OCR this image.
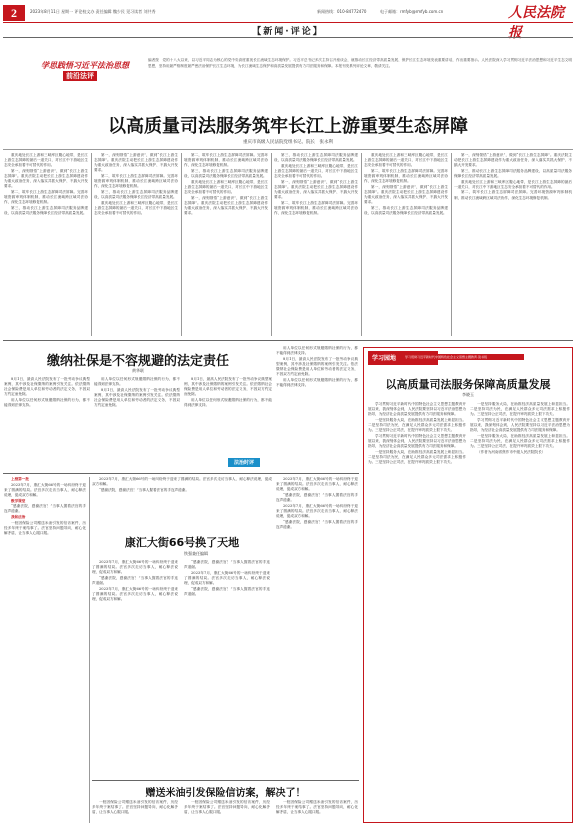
2	2023年8月11日 星期一 评论校文办 责任编辑 魏少民 见习读者 刘共秀	新闻热线：010-84772470	电子邮箱：rmfyb@rmfyb.com.cn	人民法院报
【新闻·评论】
学思践悟习近平法治思想
前沿法评
编者按　党的十八大以来，以习近平同志为核心的党中央高度重视长江流域生态环境保护。习近平总书记多次主持召开座谈会，就推动长江经济带高质量发展、保护长江生态环境发表重要讲话，作出重要指示。人民法院深入学习贯彻习近平法治思想和习近平生态文明思想，坚持用最严格制度最严密法治保护长江生态环境，为长江流域生态保护和高质量发展提供有力司法服务和保障。本报刊发系列评论文章，敬请关注。
以高质量司法服务筑牢长江上游重要生态屏障
重庆市高级人民法院党组书记、院长　张永利

重庆地处长江上游和三峡库区腹心地带，是长江上游生态屏障的最后一道关口，对长江中下游地区生态安全承担着不可替代的作用。

第一，深刻领悟“上游意识”，做到“长江上游生态屏障”。重庆法院主动把长江上游生态屏障建设作为重大政治任务，深入落实共抓大保护、不搞大开发要求。

第二，筑牢长江上游生态屏障司法屏障。完善环境资源审判体制机制，推动长江流域跨区域司法协作，深化生态环境修复机制。

第三，推动长江上游生态屏障司法服务品牌建设，以高质量司法服务保障长江经济带高质量发展。

第一，深刻领悟“上游意识”，做到“长江上游生态屏障”。重庆法院主动把长江上游生态屏障建设作为重大政治任务，深入落实共抓大保护、不搞大开发要求。

第二，筑牢长江上游生态屏障司法屏障。完善环境资源审判体制机制，推动长江流域跨区域司法协作，深化生态环境修复机制。

第三，推动长江上游生态屏障司法服务品牌建设，以高质量司法服务保障长江经济带高质量发展。

重庆地处长江上游和三峡库区腹心地带，是长江上游生态屏障的最后一道关口，对长江中下游地区生态安全承担着不可替代的作用。

第二，筑牢长江上游生态屏障司法屏障。完善环境资源审判体制机制，推动长江流域跨区域司法协作，深化生态环境修复机制。

第三，推动长江上游生态屏障司法服务品牌建设，以高质量司法服务保障长江经济带高质量发展。

重庆地处长江上游和三峡库区腹心地带，是长江上游生态屏障的最后一道关口，对长江中下游地区生态安全承担着不可替代的作用。

第一，深刻领悟“上游意识”，做到“长江上游生态屏障”。重庆法院主动把长江上游生态屏障建设作为重大政治任务，深入落实共抓大保护、不搞大开发要求。

第三，推动长江上游生态屏障司法服务品牌建设，以高质量司法服务保障长江经济带高质量发展。

重庆地处长江上游和三峡库区腹心地带，是长江上游生态屏障的最后一道关口，对长江中下游地区生态安全承担着不可替代的作用。

第一，深刻领悟“上游意识”，做到“长江上游生态屏障”。重庆法院主动把长江上游生态屏障建设作为重大政治任务，深入落实共抓大保护、不搞大开发要求。

第二，筑牢长江上游生态屏障司法屏障。完善环境资源审判体制机制，推动长江流域跨区域司法协作，深化生态环境修复机制。

重庆地处长江上游和三峡库区腹心地带，是长江上游生态屏障的最后一道关口，对长江中下游地区生态安全承担着不可替代的作用。

第二，筑牢长江上游生态屏障司法屏障。完善环境资源审判体制机制，推动长江流域跨区域司法协作，深化生态环境修复机制。

第一，深刻领悟“上游意识”，做到“长江上游生态屏障”。重庆法院主动把长江上游生态屏障建设作为重大政治任务，深入落实共抓大保护、不搞大开发要求。

第三，推动长江上游生态屏障司法服务品牌建设，以高质量司法服务保障长江经济带高质量发展。

第一，深刻领悟“上游意识”，做到“长江上游生态屏障”。重庆法院主动把长江上游生态屏障建设作为重大政治任务，深入落实共抓大保护、不搞大开发要求。

第三，推动长江上游生态屏障司法服务品牌建设，以高质量司法服务保障长江经济带高质量发展。

重庆地处长江上游和三峡库区腹心地带，是长江上游生态屏障的最后一道关口，对长江中下游地区生态安全承担着不可替代的作用。

第二，筑牢长江上游生态屏障司法屏障。完善环境资源审判体制机制，推动长江流域跨区域司法协作，深化生态环境修复机制。

缴纳社保是不容规避的法定责任
黄华联

8月1日，最高人民法院发布了一批劳动争议典型案例，其中涉及社保缴纳的案例引发关注。依法缴纳社会保险费是用人单位和劳动者的法定义务，不因双方约定而免除。

用人单位以任何形式规避缴纳社保的行为，都不能得到法律支持。

用人单位以任何形式规避缴纳社保的行为，都不能得到法律支持。

8月1日，最高人民法院发布了一批劳动争议典型案例，其中涉及社保缴纳的案例引发关注。依法缴纳社会保险费是用人单位和劳动者的法定义务，不因双方约定而免除。

8月1日，最高人民法院发布了一批劳动争议典型案例，其中涉及社保缴纳的案例引发关注。依法缴纳社会保险费是用人单位和劳动者的法定义务，不因双方约定而免除。

用人单位以任何形式规避缴纳社保的行为，都不能得到法律支持。

用人单位以任何形式规避缴纳社保的行为，都不能得到法律支持。

8月1日，最高人民法院发布了一批劳动争议典型案例，其中涉及社保缴纳的案例引发关注。依法缴纳社会保险费是用人单位和劳动者的法定义务，不因双方约定而免除。

用人单位以任何形式规避缴纳社保的行为，都不能得到法律支持。

法治时评
学习园地	学习贯彻习近平新时代中国特色社会主义思想主题教育·读书班
以高质量司法服务保障高质量发展
李晓玉

学习贯彻习近平新时代中国特色社会主义思想主题教育开展以来，我深刻体会到，人民法院要坚持以习近平法治思想为指导，为经济社会高质量发展提供有力司法服务和保障。

一是坚持服务大局，在助推经济高质量发展上彰显担当。二是坚持司法为民，在满足人民群众多元司法需求上积极作为。三是坚持公正司法，在提升审判质效上狠下功夫。

学习贯彻习近平新时代中国特色社会主义思想主题教育开展以来，我深刻体会到，人民法院要坚持以习近平法治思想为指导，为经济社会高质量发展提供有力司法服务和保障。

一是坚持服务大局，在助推经济高质量发展上彰显担当。二是坚持司法为民，在满足人民群众多元司法需求上积极作为。三是坚持公正司法，在提升审判质效上狠下功夫。

一是坚持服务大局，在助推经济高质量发展上彰显担当。二是坚持司法为民，在满足人民群众多元司法需求上积极作为。三是坚持公正司法，在提升审判质效上狠下功夫。

学习贯彻习近平新时代中国特色社会主义思想主题教育开展以来，我深刻体会到，人民法院要坚持以习近平法治思想为指导，为经济社会高质量发展提供有力司法服务和保障。

一是坚持服务大局，在助推经济高质量发展上彰显担当。二是坚持司法为民，在满足人民群众多元司法需求上积极作为。三是坚持公正司法，在提升审判质效上狠下功夫。

（作者为河南省焦作市中级人民法院院长）

上榜第一批

2023年7月，康汇大街66号的一场纠纷终于迎来了圆满的结局。法官多次走访当事人，耐心释法说理，促成双方和解。

数学课堂

“感谢法院，感谢法官！”当事人握着法官的手连声道谢。

我和法治

一桩因保险公司赠送米油引发的信访案件，历经多年终于案结事了。法官坚持问题导向，耐心化解矛盾，让当事人心服口服。

康汇大街66号换了天地
铁强兼任编辑

2023年7月，康汇大街66号的一场纠纷终于迎来了圆满的结局。法官多次走访当事人，耐心释法说理，促成双方和解。

“感谢法院，感谢法官！”当事人握着法官的手连声道谢。

2023年7月，康汇大街66号的一场纠纷终于迎来了圆满的结局。法官多次走访当事人，耐心释法说理，促成双方和解。

“感谢法院，感谢法官！”当事人握着法官的手连声道谢。

2023年7月，康汇大街66号的一场纠纷终于迎来了圆满的结局。法官多次走访当事人，耐心释法说理，促成双方和解。

“感谢法院，感谢法官！”当事人握着法官的手连声道谢。

2023年7月，康汇大街66号的一场纠纷终于迎来了圆满的结局。法官多次走访当事人，耐心释法说理，促成双方和解。

“感谢法院，感谢法官！”当事人握着法官的手连声道谢。

2023年7月，康汇大街66号的一场纠纷终于迎来了圆满的结局。法官多次走访当事人，耐心释法说理，促成双方和解。

“感谢法院，感谢法官！”当事人握着法官的手连声道谢。

2023年7月，康汇大街66号的一场纠纷终于迎来了圆满的结局。法官多次走访当事人，耐心释法说理，促成双方和解。

“感谢法院，感谢法官！”当事人握着法官的手连声道谢。

赠送米油引发保险信访案，解决了！

一桩因保险公司赠送米油引发的信访案件，历经多年终于案结事了。法官坚持问题导向，耐心化解矛盾，让当事人心服口服。

一桩因保险公司赠送米油引发的信访案件，历经多年终于案结事了。法官坚持问题导向，耐心化解矛盾，让当事人心服口服。

一桩因保险公司赠送米油引发的信访案件，历经多年终于案结事了。法官坚持问题导向，耐心化解矛盾，让当事人心服口服。
